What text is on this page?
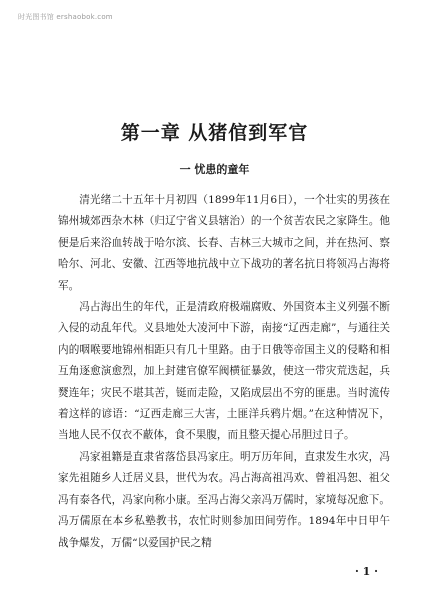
时光图书馆 ershaobok.com
第一章 从猪倌到军官
一 忧患的童年

清光绪二十五年十月初四（1899年11月6日），一个壮实的男孩在锦州城郊西杂木林（归辽宁省义县辖治）的一个贫苦农民之家降生。他便是后来浴血转战于哈尔滨、长春、吉林三大城市之间，并在热河、察哈尔、河北、安徽、江西等地抗战中立下战功的著名抗日将领冯占海将军。

冯占海出生的年代，正是清政府极端腐败、外国资本主义列强不断入侵的动乱年代。义县地处大凌河中下游，南接“辽西走廊”，与通往关内的咽喉要地锦州相距只有几十里路。由于日俄等帝国主义的侵略和相互角逐愈演愈烈，加上封建官僚军阀横征暴敛，使这一带灾荒迭起，兵燹连年；灾民不堪其苦，铤而走险，又陷成层出不穷的匪患。当时流传着这样的谚语：“辽西走廊三大害，土匪洋兵鸦片烟。”在这种情况下，当地人民不仅衣不蔽体，食不果腹，而且整天提心吊胆过日子。

冯家祖籍是直隶省落岱县冯家庄。明万历年间，直隶发生水灾，冯家先祖随乡人迁居义县，世代为农。冯占海高祖冯欢、曾祖冯恕、祖父冯有泰各代，冯家向称小康。至冯占海父亲冯万儒时，家境每况愈下。冯万儒原在本乡私塾教书，农忙时则参加田间劳作。1894年中日甲午战争爆发，万儒“以爱国护民之精

· 1 ·
